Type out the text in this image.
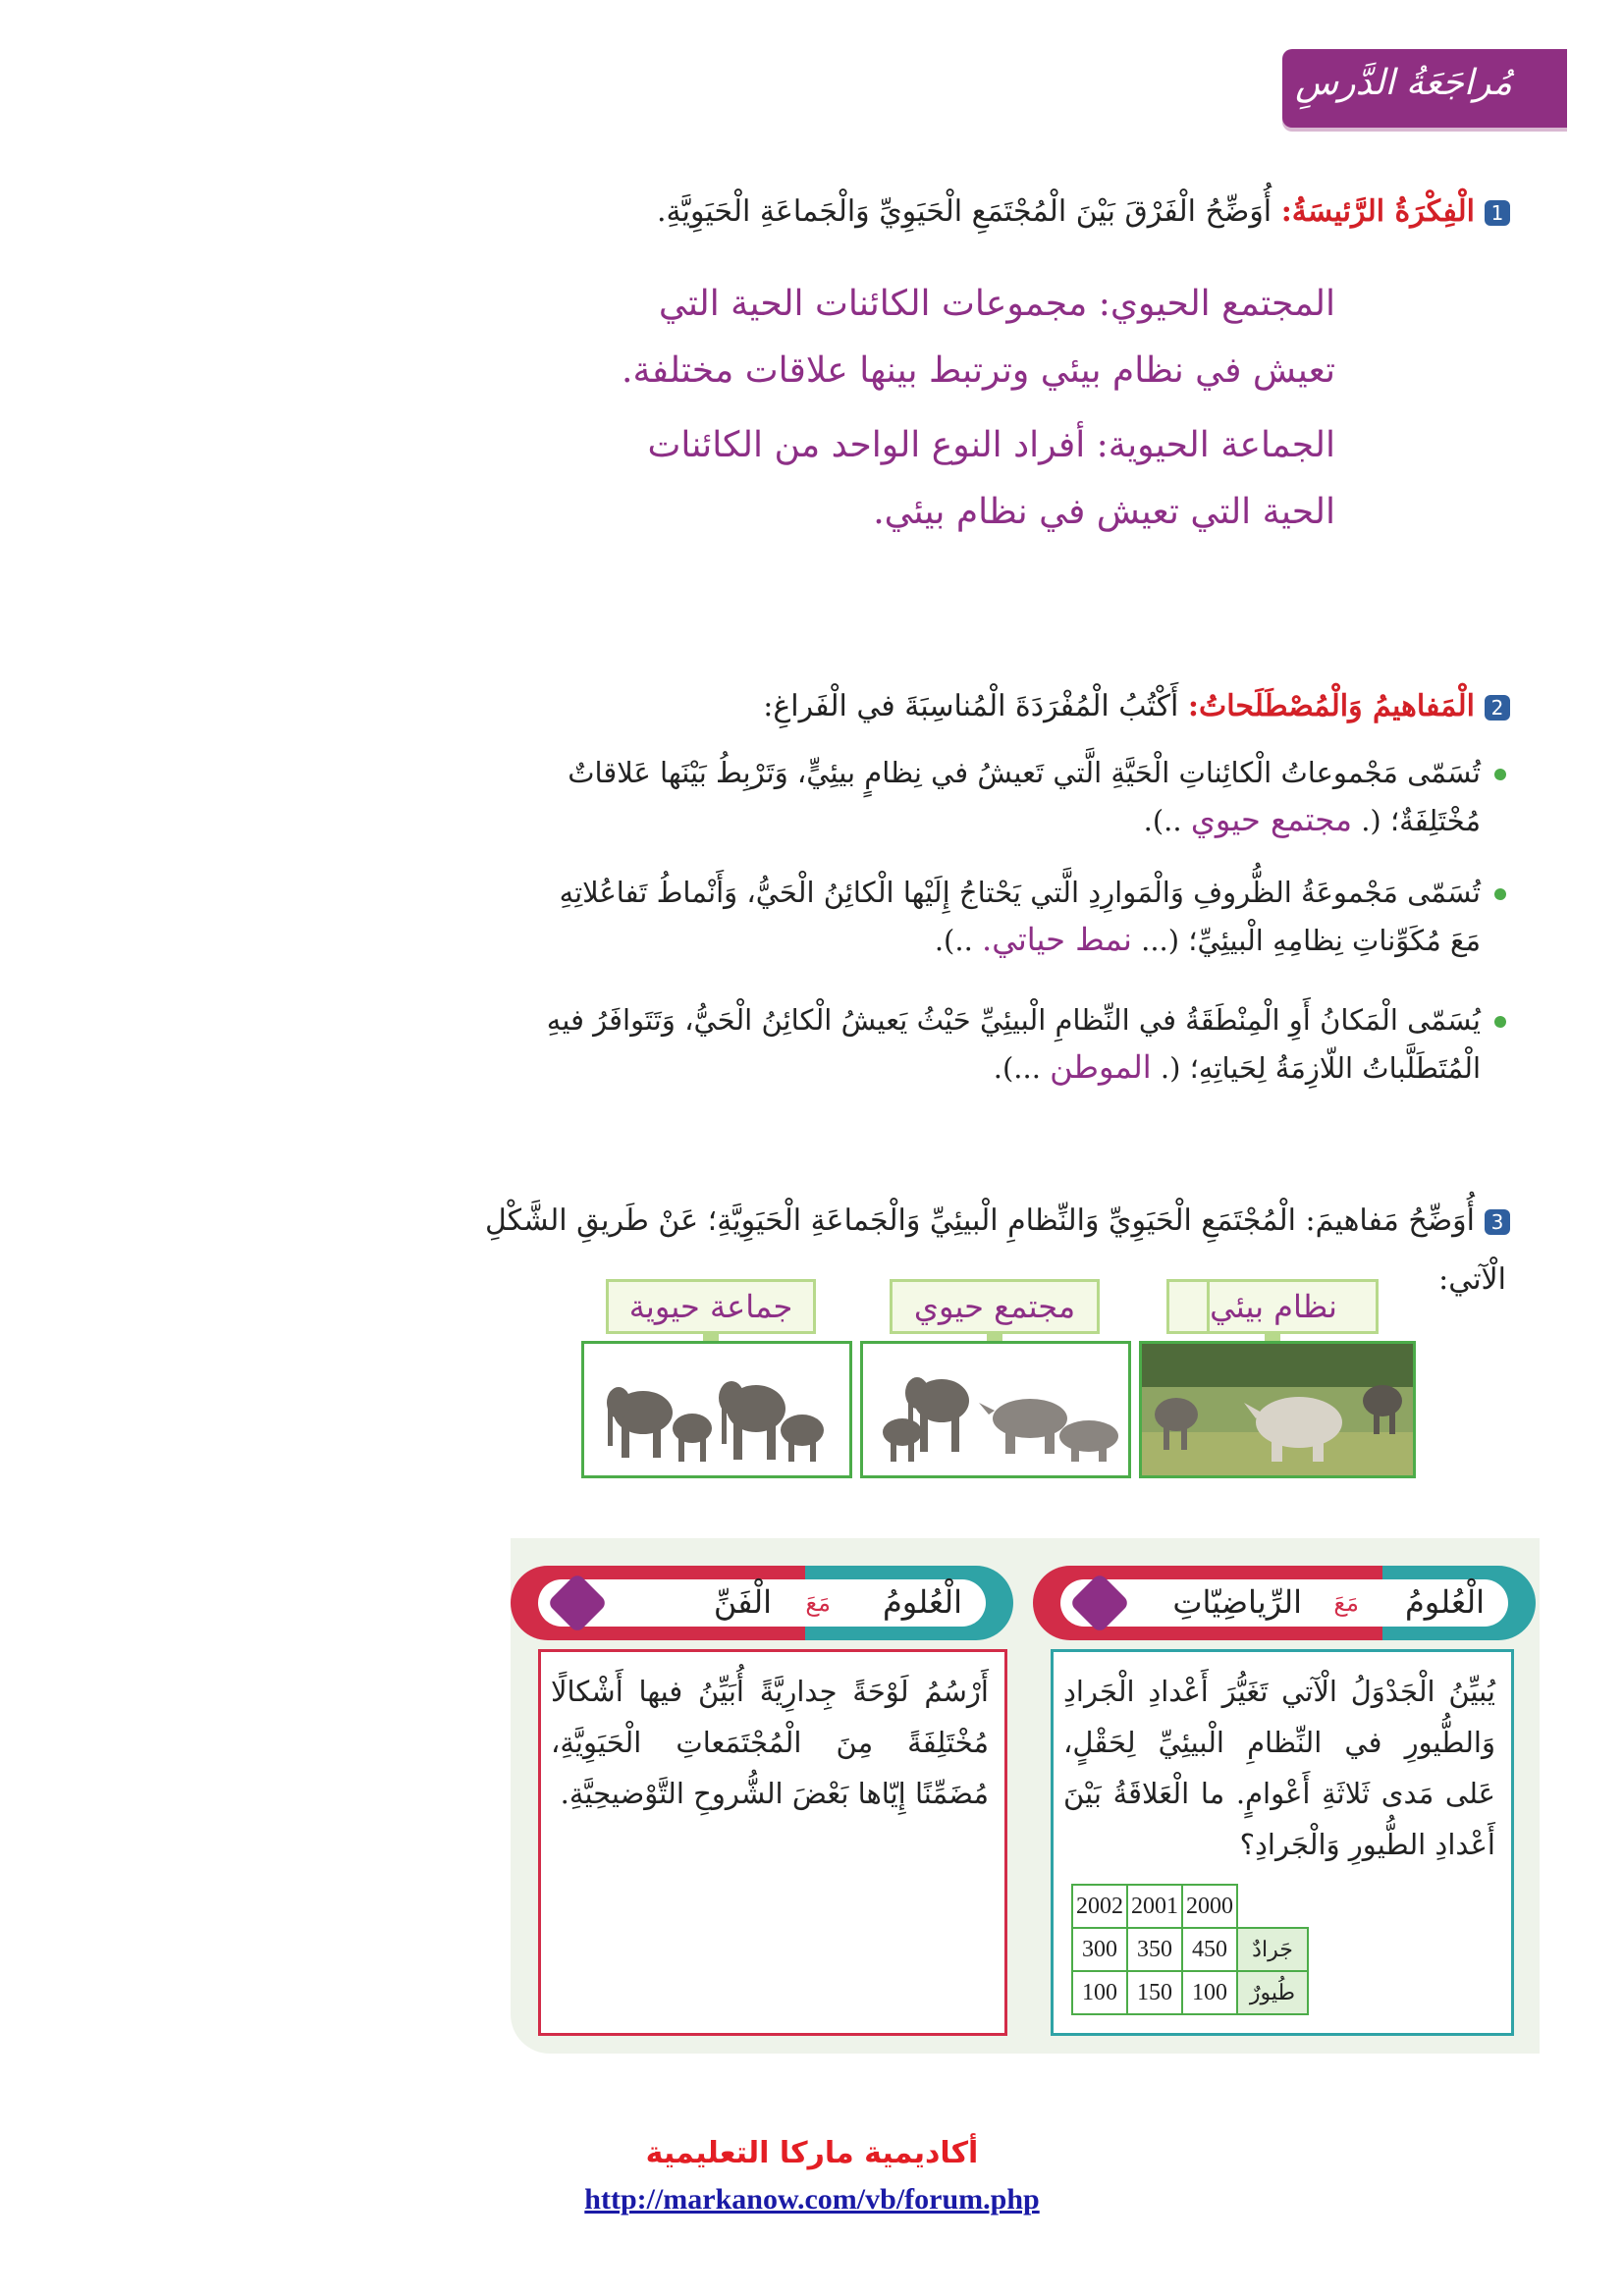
مُراجَعَةُ الدَّرسِ
1الْفِكْرَةُ الرَّئيسَةُ: أُوَضِّحُ الْفَرْقَ بَيْنَ الْمُجْتَمَعِ الْحَيَوِيِّ وَالْجَماعَةِ الْحَيَوِيَّةِ.
المجتمع الحيوي: مجموعات الكائنات الحية التي
تعيش في نظام بيئي وترتبط بينها علاقات مختلفة.
الجماعة الحيوية: أفراد النوع الواحد من الكائنات
الحية التي تعيش في نظام بيئي.
2الْمَفاهيمُ وَالْمُصْطَلَحاتُ: أَكْتُبُ الْمُفْرَدَةَ الْمُناسِبَةَ في الْفَراغِ:
تُسَمّى مَجْموعاتُ الْكائِناتِ الْحَيَّةِ الَّتي تَعيشُ في نِظامٍ بيئِيٍّ، وَتَرْبِطُ بَيْنَها عَلاقاتٌ
مُخْتَلِفَةٌ؛ (. مجتمع حيوي ..).
تُسَمّى مَجْموعَةُ الظُّروفِ وَالْمَوارِدِ الَّتي يَحْتاجُ إِلَيْها الْكائِنُ الْحَيُّ، وَأَنْماطُ تَفاعُلاتِهِ
مَعَ مُكَوِّناتِ نِظامِهِ الْبيئِيِّ؛ (... نمط حياتي. ..).
يُسَمّى الْمَكانُ أَوِ الْمِنْطَقَةُ في النِّظامِ الْبيئِيِّ حَيْثُ يَعيشُ الْكائِنُ الْحَيُّ، وَتَتَوافَرُ فيهِ
الْمُتَطَلَّباتُ اللّازِمَةُ لِحَياتِهِ؛ (. الموطن ...).
3أُوَضِّحُ مَفاهيمَ: الْمُجْتَمَعِ الْحَيَوِيِّ وَالنِّظامِ الْبيئِيِّ وَالْجَماعَةِ الْحَيَوِيَّةِ؛ عَنْ طَريقِ الشَّكْلِ
الْآتي:
نظام بيئي
مجتمع حيوي
جماعة حيوية
الْعُلومُ
مَعَ
الرِّياضِيّاتِ
الْعُلومُ
مَعَ
الْفَنِّ
يُبيِّنُ الْجَدْوَلُ الْآتي تَغَيُّرَ أَعْدادِ الْجَرادِ وَالطُّيورِ في النِّظامِ الْبيئِيِّ لِحَقْلٍ، عَلى مَدى ثَلاثَةِ أَعْوامٍ. ما الْعَلاقَةُ بَيْنَ أَعْدادِ الطُّيورِ وَالْجَرادِ؟
	2000	2001	2002
جَرادٌ	450	350	300
طُيورٌ	100	150	100
أَرْسُمُ لَوْحَةً جِدارِيَّةً أُبَيِّنُ فيها أَشْكالًا مُخْتَلِفَةً مِنَ الْمُجْتَمَعاتِ الْحَيَوِيَّةِ، مُضَمِّنًا إِيّاها بَعْضَ الشُّروحِ التَّوْضيحِيَّةِ.
أكاديمية ماركا التعليمية
http://markanow.com/vb/forum.php
